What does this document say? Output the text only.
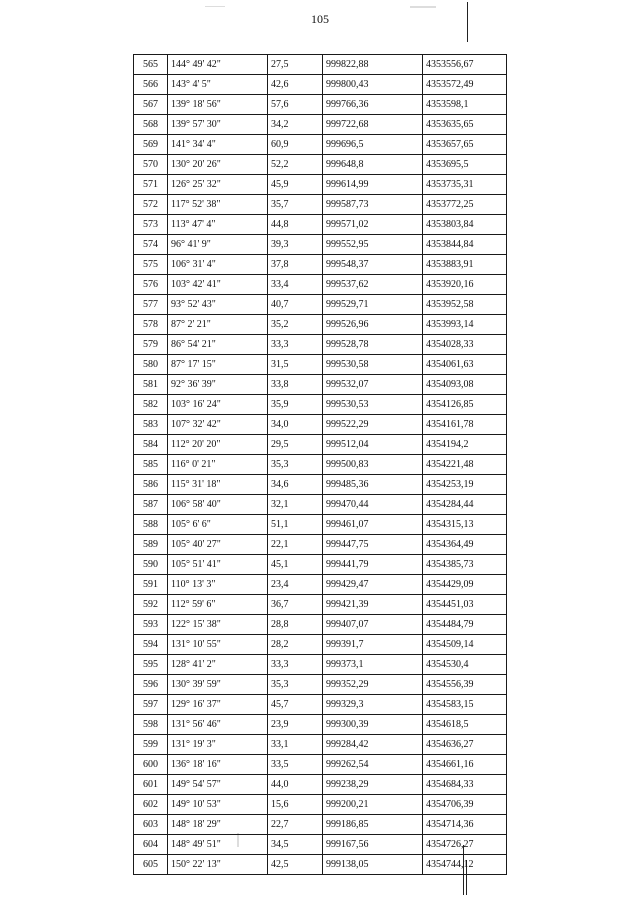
105
565	144° 49' 42"	27,5	999822,88	4353556,67
566	143° 4' 5"	42,6	999800,43	4353572,49
567	139° 18' 56"	57,6	999766,36	4353598,1
568	139° 57' 30"	34,2	999722,68	4353635,65
569	141° 34' 4"	60,9	999696,5	4353657,65
570	130° 20' 26"	52,2	999648,8	4353695,5
571	126° 25' 32"	45,9	999614,99	4353735,31
572	117° 52' 38"	35,7	999587,73	4353772,25
573	113° 47' 4"	44,8	999571,02	4353803,84
574	96° 41' 9"	39,3	999552,95	4353844,84
575	106° 31' 4"	37,8	999548,37	4353883,91
576	103° 42' 41"	33,4	999537,62	4353920,16
577	93° 52' 43"	40,7	999529,71	4353952,58
578	87° 2' 21"	35,2	999526,96	4353993,14
579	86° 54' 21"	33,3	999528,78	4354028,33
580	87° 17' 15"	31,5	999530,58	4354061,63
581	92° 36' 39"	33,8	999532,07	4354093,08
582	103° 16' 24"	35,9	999530,53	4354126,85
583	107° 32' 42"	34,0	999522,29	4354161,78
584	112° 20' 20"	29,5	999512,04	4354194,2
585	116° 0' 21"	35,3	999500,83	4354221,48
586	115° 31' 18"	34,6	999485,36	4354253,19
587	106° 58' 40"	32,1	999470,44	4354284,44
588	105° 6' 6"	51,1	999461,07	4354315,13
589	105° 40' 27"	22,1	999447,75	4354364,49
590	105° 51' 41"	45,1	999441,79	4354385,73
591	110° 13' 3"	23,4	999429,47	4354429,09
592	112° 59' 6"	36,7	999421,39	4354451,03
593	122° 15' 38"	28,8	999407,07	4354484,79
594	131° 10' 55"	28,2	999391,7	4354509,14
595	128° 41' 2"	33,3	999373,1	4354530,4
596	130° 39' 59"	35,3	999352,29	4354556,39
597	129° 16' 37"	45,7	999329,3	4354583,15
598	131° 56' 46"	23,9	999300,39	4354618,5
599	131° 19' 3"	33,1	999284,42	4354636,27
600	136° 18' 16"	33,5	999262,54	4354661,16
601	149° 54' 57"	44,0	999238,29	4354684,33
602	149° 10' 53"	15,6	999200,21	4354706,39
603	148° 18' 29"	22,7	999186,85	4354714,36
604	148° 49' 51"	34,5	999167,56	4354726,27
605	150° 22' 13"	42,5	999138,05	4354744,12
